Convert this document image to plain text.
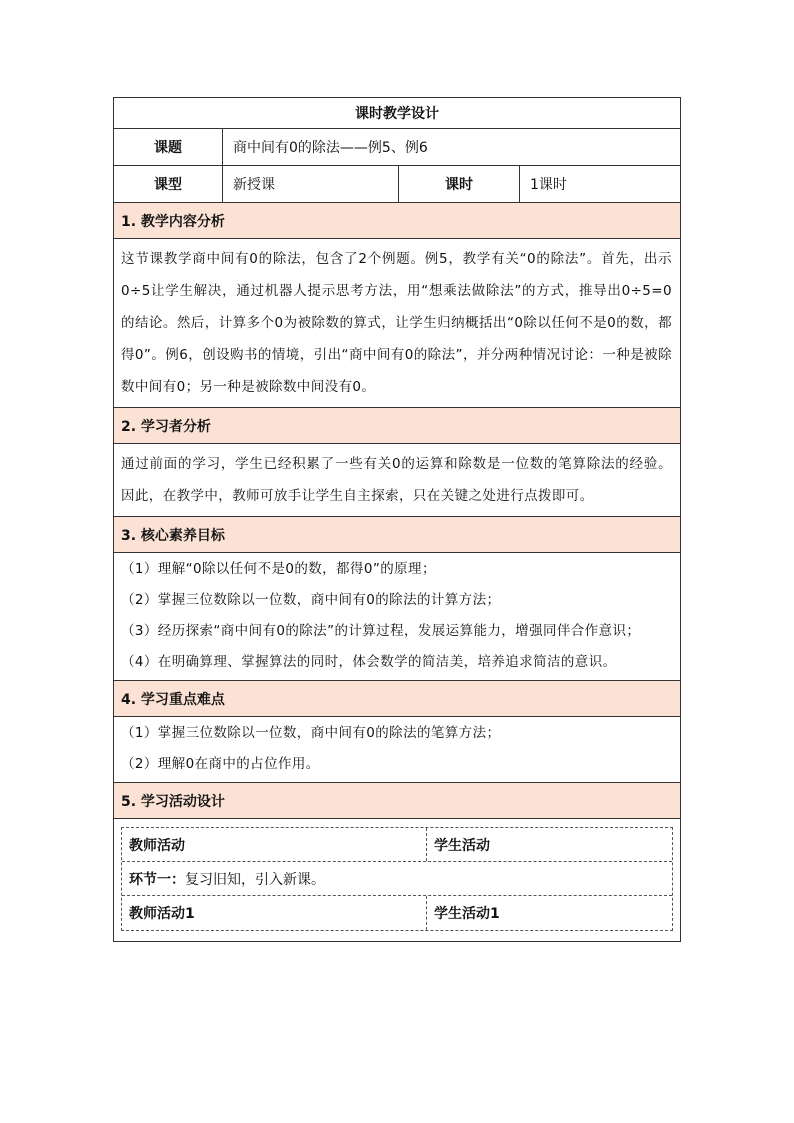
课时教学设计
课题	商中间有0的除法——例5、例6
课型	新授课	课时	1课时
1. 教学内容分析
这节课教学商中间有0的除法，包含了2个例题。例5，教学有关“0的除法”。首先，出示0÷5让学生解决，通过机器人提示思考方法，用“想乘法做除法”的方式，推导出0÷5=0的结论。然后，计算多个0为被除数的算式，让学生归纳概括出“0除以任何不是0的数，都得0”。例6，创设购书的情境，引出“商中间有0的除法”，并分两种情况讨论：一种是被除数中间有0；另一种是被除数中间没有0。
2. 学习者分析
通过前面的学习，学生已经积累了一些有关0的运算和除数是一位数的笔算除法的经验。因此，在教学中，教师可放手让学生自主探索，只在关键之处进行点拨即可。
3. 核心素养目标
（1）理解“0除以任何不是0的数，都得0”的原理；
（2）掌握三位数除以一位数，商中间有0的除法的计算方法；
（3）经历探索“商中间有0的除法”的计算过程，发展运算能力，增强同伴合作意识；
（4）在明确算理、掌握算法的同时，体会数学的简洁美，培养追求简洁的意识。
4. 学习重点难点
（1）掌握三位数除以一位数，商中间有0的除法的笔算方法；
（2）理解0在商中的占位作用。
5. 学习活动设计
教师活动	学生活动
环节一： 复习旧知，引入新课。
教师活动1	学生活动1
